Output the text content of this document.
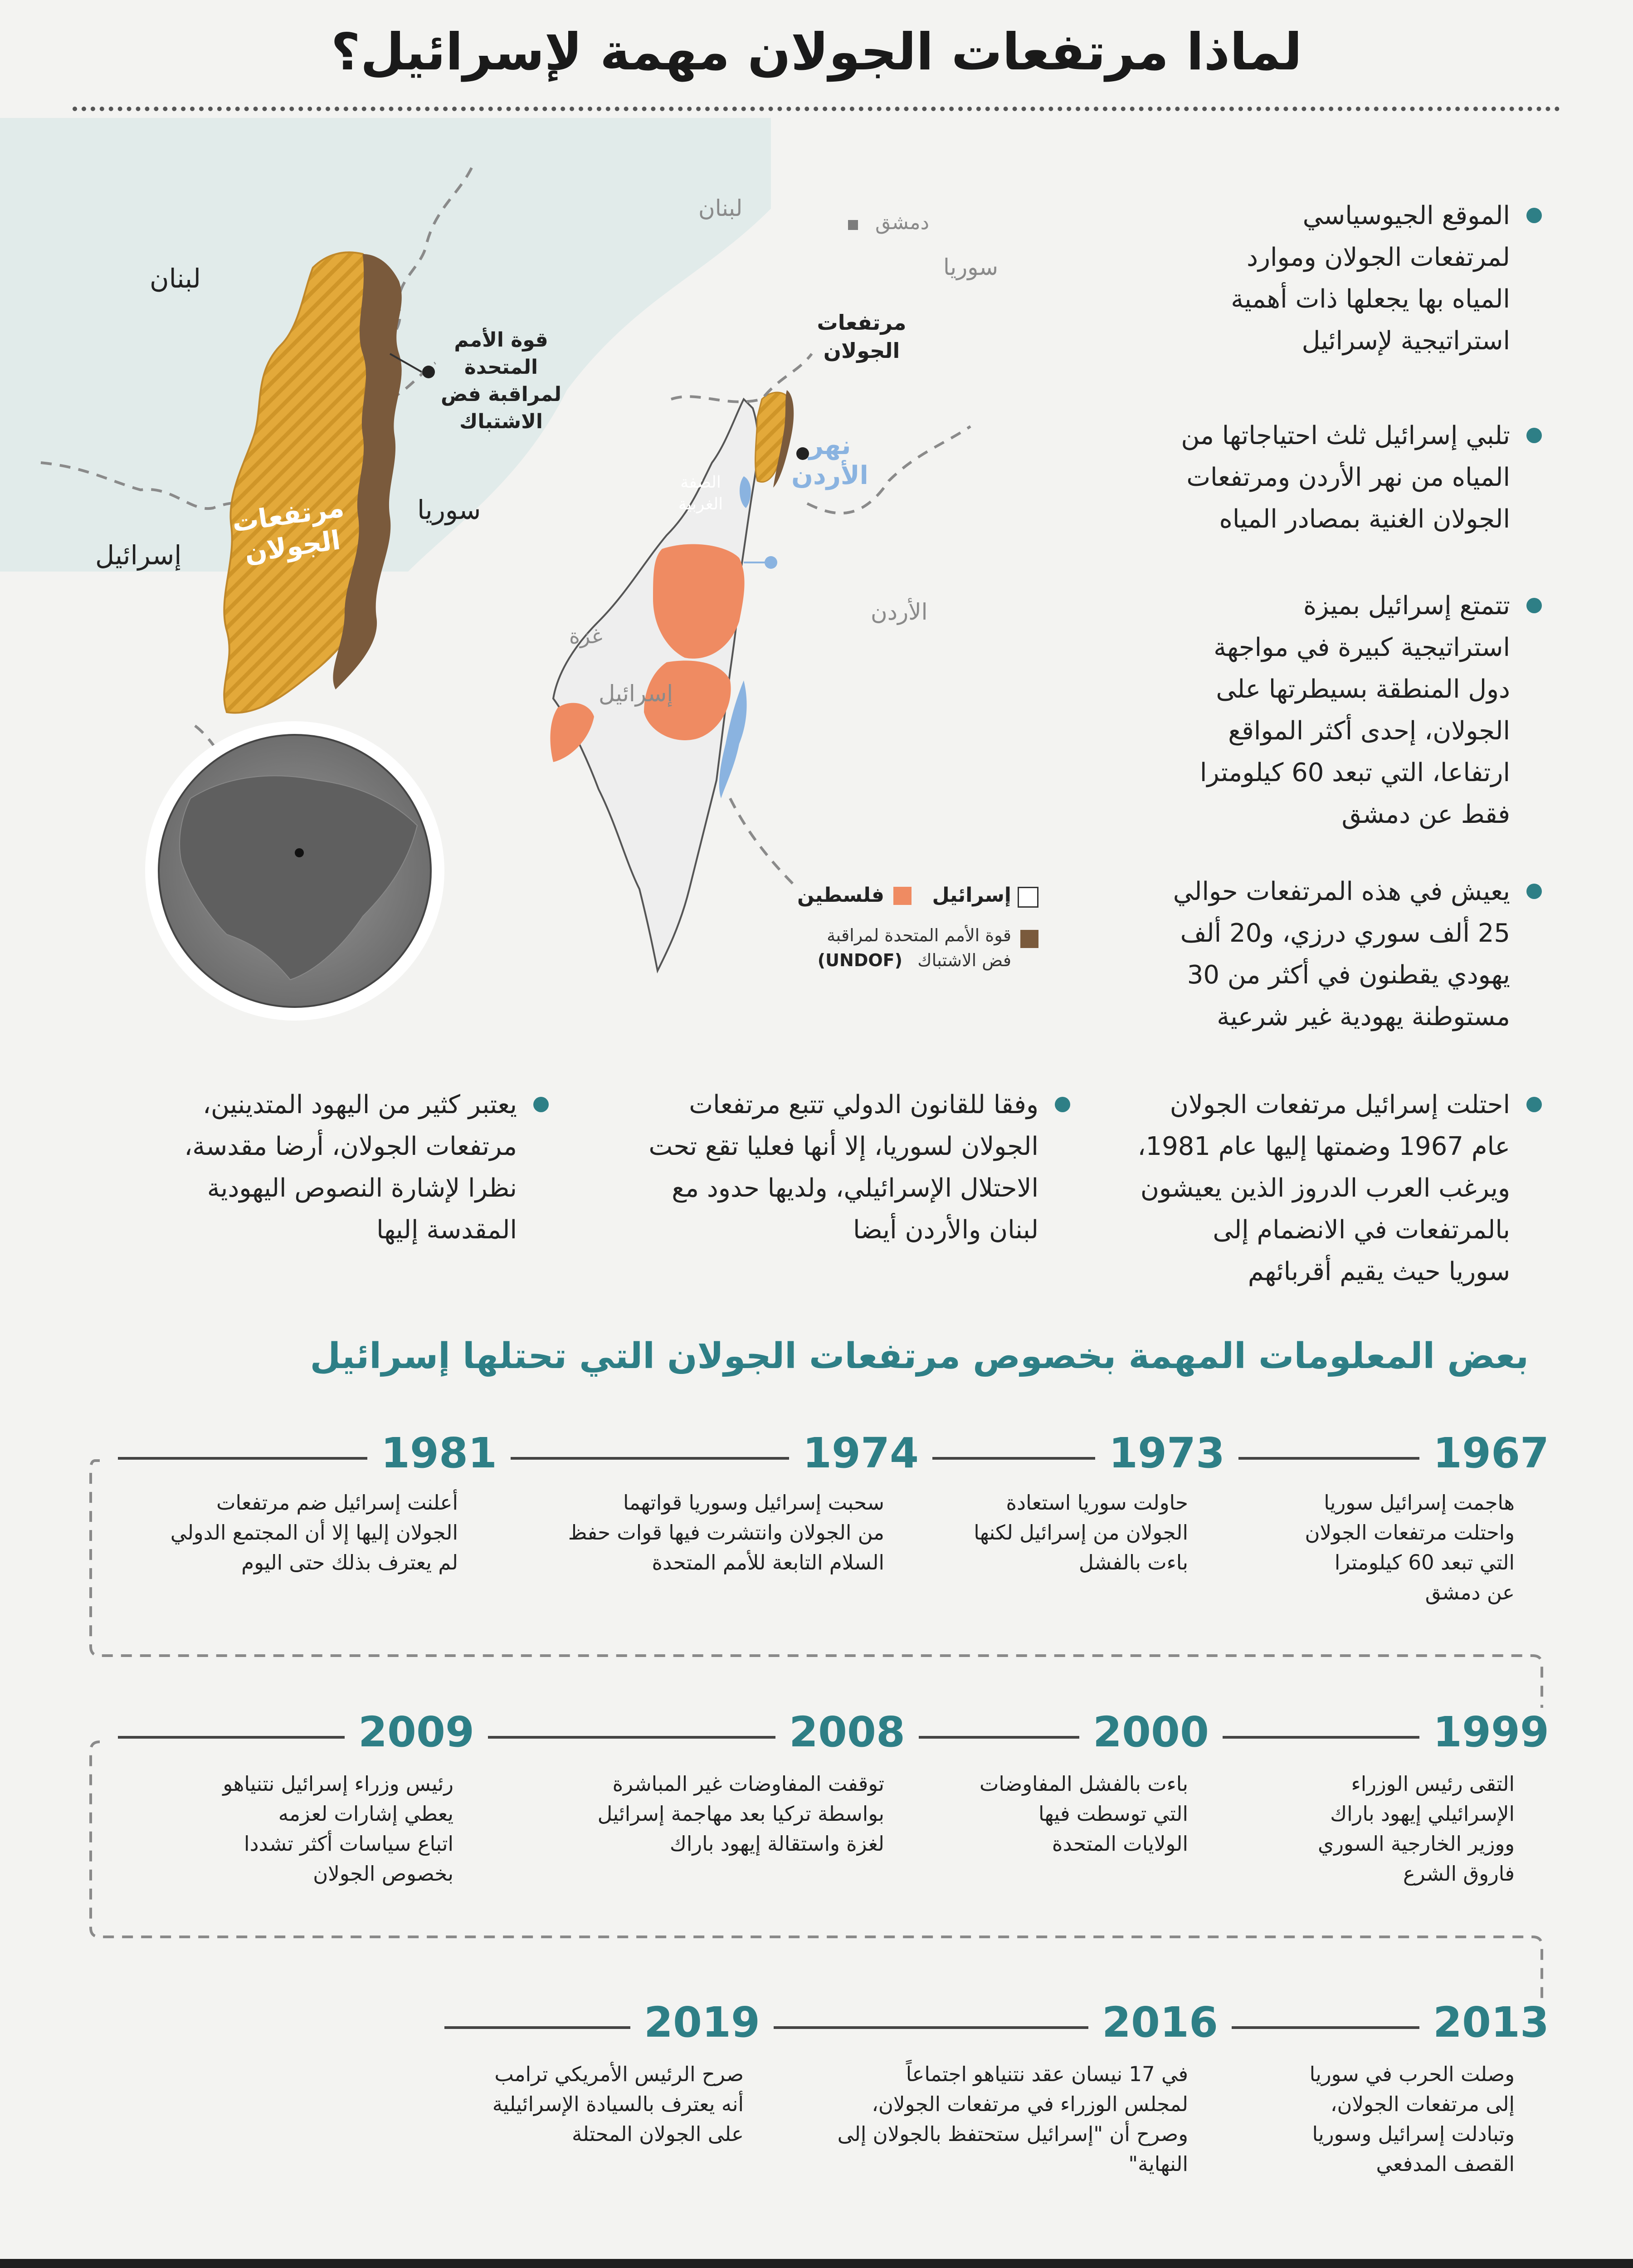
لماذا مرتفعات الجولان مهمة لإسرائيل؟
لبنان
سوريا
إسرائيل
مرتفعات الجولان
قوة الأمم المتحدة لمراقبة فض الاشتباك
لبنان
دمشق
سوريا
مرتفعات الجولان
نهر الأردن
الضفة الغربية
غزة
إسرائيل
الأردن
إسرائيل
فلسطين
قوة الأمم المتحدة لمراقبة
فض الاشتباك
(UNDOF)
الموقع الجيوسياسي
لمرتفعات الجولان وموارد
المياه بها يجعلها ذات أهمية
استراتيجية لإسرائيل
تلبي إسرائيل ثلث احتياجاتها من
المياه من نهر الأردن ومرتفعات
الجولان الغنية بمصادر المياه
تتمتع إسرائيل بميزة
استراتيجية كبيرة في مواجهة
دول المنطقة بسيطرتها على
الجولان، إحدى أكثر المواقع
ارتفاعا، التي تبعد 60 كيلومترا
فقط عن دمشق
يعيش في هذه المرتفعات حوالي
25 ألف سوري درزي، و20 ألف
يهودي يقطنون في أكثر من 30
مستوطنة يهودية غير شرعية
احتلت إسرائيل مرتفعات الجولان
عام 1967 وضمتها إليها عام 1981،
ويرغب العرب الدروز الذين يعيشون
بالمرتفعات في الانضمام إلى
سوريا حيث يقيم أقربائهم
وفقا للقانون الدولي تتبع مرتفعات
الجولان لسوريا، إلا أنها فعليا تقع تحت
الاحتلال الإسرائيلي، ولديها حدود مع
لبنان والأردن أيضا
يعتبر كثير من اليهود المتدينين،
مرتفعات الجولان، أرضا مقدسة،
نظرا لإشارة النصوص اليهودية
المقدسة إليها
بعض المعلومات المهمة بخصوص مرتفعات الجولان التي تحتلها إسرائيل
1967
1973
1974
1981
هاجمت إسرائيل سوريا
واحتلت مرتفعات الجولان
التي تبعد 60 كيلومترا
عن دمشق
حاولت سوريا استعادة
الجولان من إسرائيل لكنها
باءت بالفشل
سحبت إسرائيل وسوريا قواتهما
من الجولان وانتشرت فيها قوات حفظ
السلام التابعة للأمم المتحدة
أعلنت إسرائيل ضم مرتفعات
الجولان إليها إلا أن المجتمع الدولي
لم يعترف بذلك حتى اليوم
1999
2000
2008
2009
التقى رئيس الوزراء
الإسرائيلي إيهود باراك
ووزير الخارجية السوري
فاروق الشرع
باءت بالفشل المفاوضات
التي توسطت فيها
الولايات المتحدة
توقفت المفاوضات غير المباشرة
بواسطة تركيا بعد مهاجمة إسرائيل
لغزة واستقالة إيهود باراك
رئيس وزراء إسرائيل نتنياهو
يعطي إشارات لعزمه
اتباع سياسات أكثر تشددا
بخصوص الجولان
2013
2016
2019
وصلت الحرب في سوريا
إلى مرتفعات الجولان،
وتبادلت إسرائيل وسوريا
القصف المدفعي
في 17 نيسان عقد نتنياهو اجتماعاً
لمجلس الوزراء في مرتفعات الجولان،
وصرح أن "إسرائيل ستحتفظ بالجولان إلى
النهاية"
صرح الرئيس الأمريكي ترامب
أنه يعترف بالسيادة الإسرائيلية
على الجولان المحتلة
